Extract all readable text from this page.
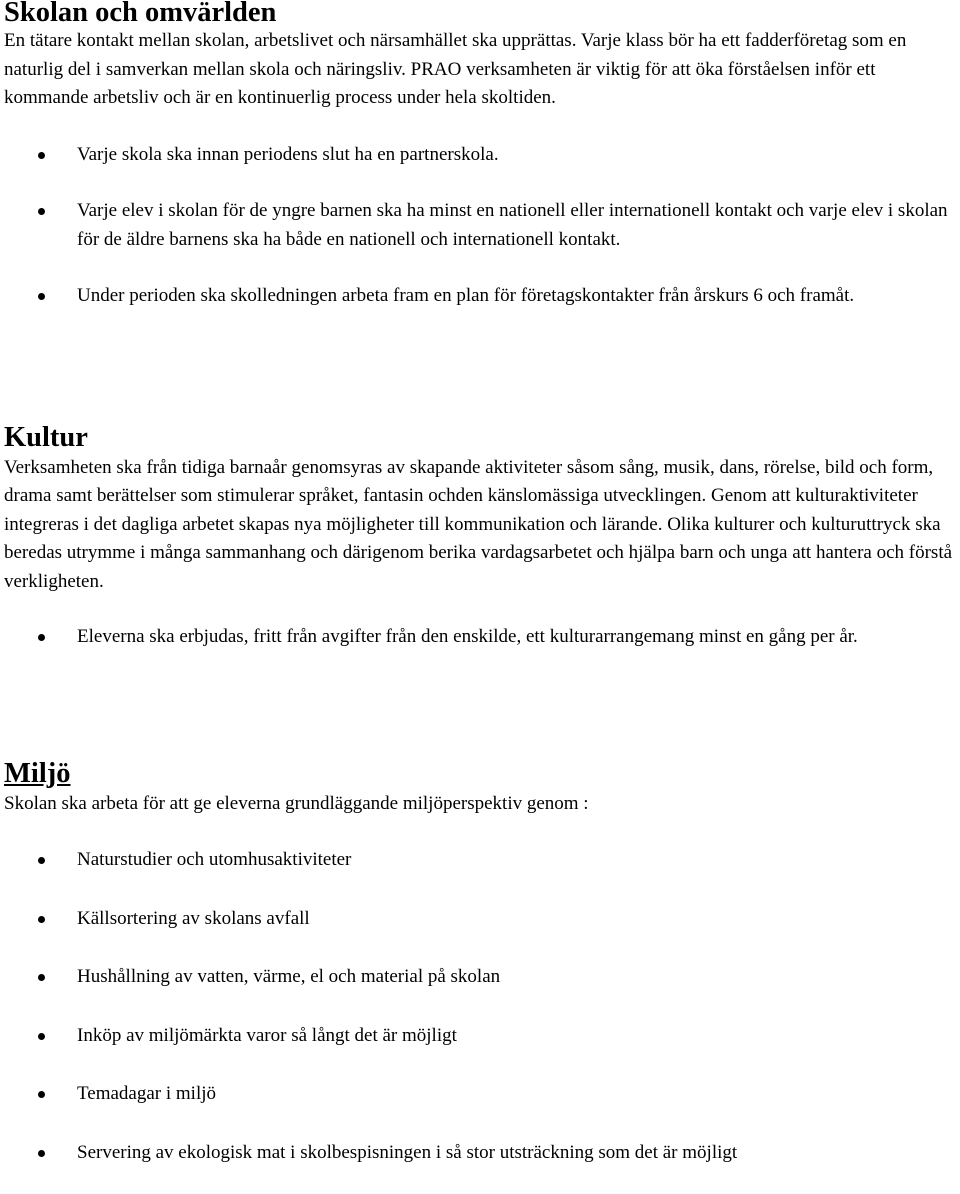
Skolan och omvärlden

En tätare kontakt mellan skolan, arbetslivet och närsamhället ska upprättas. Varje klass bör ha ett fadderföretag som en naturlig del i samverkan mellan skola och näringsliv. PRAO verksamheten är viktig för att öka förståelsen inför ett kommande arbetsliv och är en kontinuerlig process under hela skoltiden.

Varje skola ska innan periodens slut ha en partnerskola.
Varje elev i skolan för de yngre barnen ska ha minst en nationell eller internationell kontakt och varje elev i skolan för de äldre barnens ska ha både en nationell och internationell kontakt.
Under perioden ska skolledningen arbeta fram en plan för företagskontakter från årskurs 6 och framåt.
Kultur

Verksamheten ska från tidiga barnaår genomsyras av skapande aktiviteter såsom sång, musik, dans, rörelse, bild och form, drama samt berättelser som stimulerar språket, fantasin ochden känslomässiga utvecklingen. Genom att kulturaktiviteter integreras i det dagliga arbetet skapas nya möjligheter till kommunikation och lärande. Olika kulturer och kulturuttryck ska beredas utrymme i många sammanhang och därigenom berika vardagsarbetet och hjälpa barn och unga att hantera och förstå verkligheten.

Eleverna ska erbjudas, fritt från avgifter från den enskilde, ett kulturarrangemang minst en gång per år.
Miljö

Skolan ska arbeta för att ge eleverna grundläggande miljöperspektiv genom :

Naturstudier och utomhusaktiviteter
Källsortering av skolans avfall
Hushållning av vatten, värme, el och material på skolan
Inköp av miljömärkta varor så långt det är möjligt
Temadagar i miljö
Servering av ekologisk mat i skolbespisningen i så stor utsträckning som det är möjligt
